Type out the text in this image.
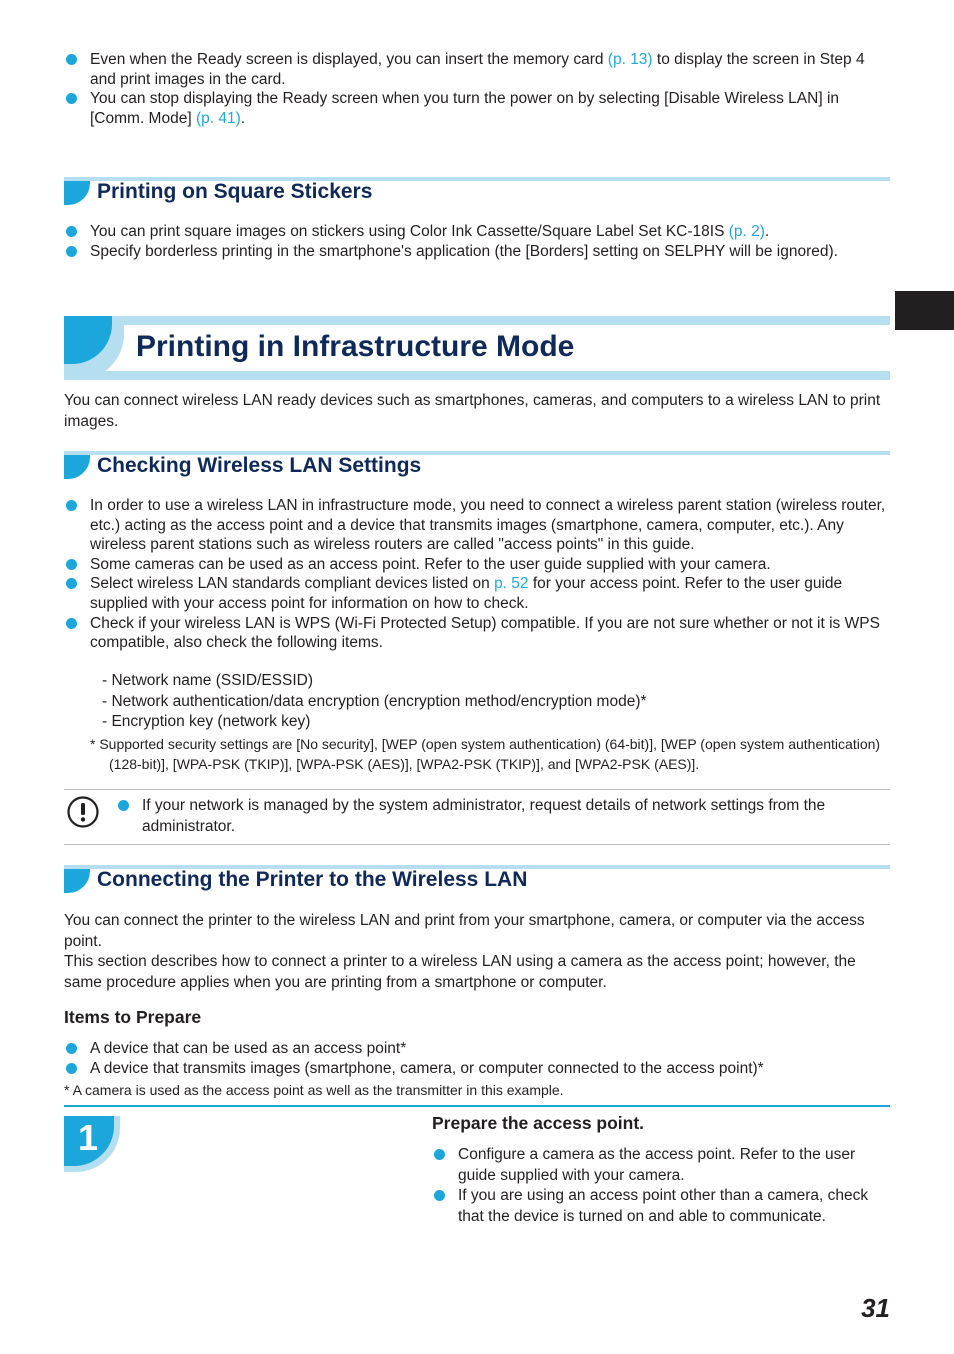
Even when the Ready screen is displayed, you can insert the memory card (p. 13) to display the screen in Step 4 and print images in the card.
You can stop displaying the Ready screen when you turn the power on by selecting [Disable Wireless LAN] in [Comm. Mode] (p. 41).
Printing on Square Stickers
You can print square images on stickers using Color Ink Cassette/Square Label Set KC-18IS (p. 2).
Specify borderless printing in the smartphone's application (the [Borders] setting on SELPHY will be ignored).
Printing in Infrastructure Mode

You can connect wireless LAN ready devices such as smartphones, cameras, and computers to a wireless LAN to print images.

Checking Wireless LAN Settings
In order to use a wireless LAN in infrastructure mode, you need to connect a wireless parent station (wireless router, etc.) acting as the access point and a device that transmits images (smartphone, camera, computer, etc.). Any wireless parent stations such as wireless routers are called "access points" in this guide.
Some cameras can be used as an access point. Refer to the user guide supplied with your camera.
Select wireless LAN standards compliant devices listed on p. 52 for your access point. Refer to the user guide supplied with your access point for information on how to check.
Check if your wireless LAN is WPS (Wi-Fi Protected Setup) compatible. If you are not sure whether or not it is WPS compatible, also check the following items.
- Network name (SSID/ESSID)
- Network authentication/data encryption (encryption method/encryption mode)*
- Encryption key (network key)

* Supported security settings are [No security], [WEP (open system authentication) (64-bit)], [WEP (open system authentication) (128-bit)], [WPA-PSK (TKIP)], [WPA-PSK (AES)], [WPA2-PSK (TKIP)], and [WPA2-PSK (AES)].

If your network is managed by the system administrator, request details of network settings from the administrator.
Connecting the Printer to the Wireless LAN

You can connect the printer to the wireless LAN and print from your smartphone, camera, or computer via the access point.

This section describes how to connect a printer to a wireless LAN using a camera as the access point; however, the same procedure applies when you are printing from a smartphone or computer.

Items to Prepare
A device that can be used as an access point*
A device that transmits images (smartphone, camera, or computer connected to the access point)*

* A camera is used as the access point as well as the transmitter in this example.

1	Prepare the access point.
Configure a camera as the access point. Refer to the user guide supplied with your camera.
If you are using an access point other than a camera, check that the device is turned on and able to communicate.
31
